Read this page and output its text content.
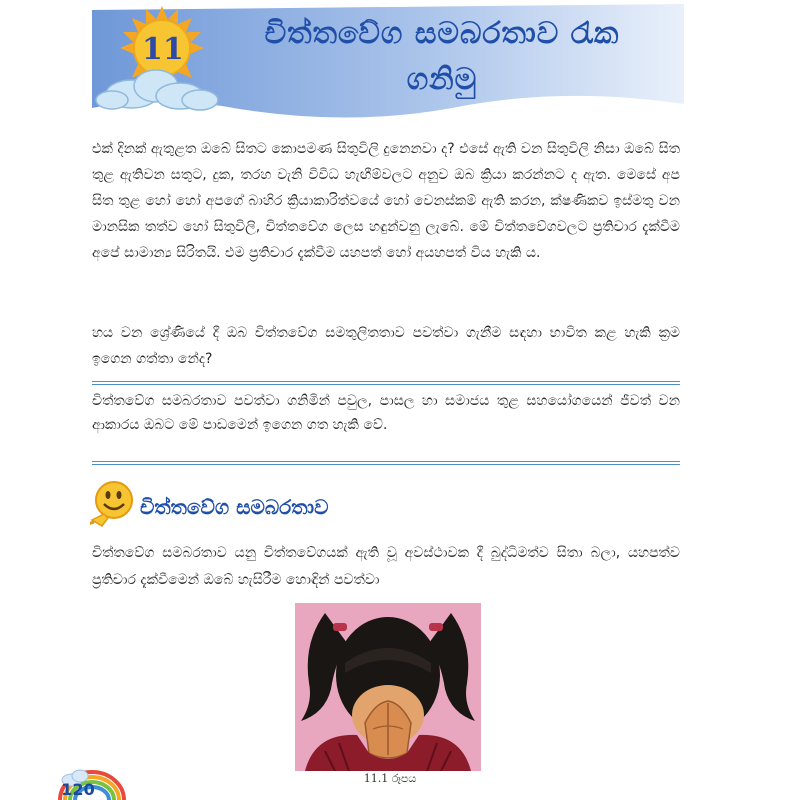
11	චිත්තවේග සමබරතාව රැක
ගනිමු

එක් දිනක් ඇතුළත ඔබේ සිතට කොපමණ සිතුවිලි දුනෙනවා ද? එසේ ඇති වන සිතුවිලි නිසා ඔබේ සිත තුළ ඇතිවන සතුට, දුක, තරහ වැනි විවිධ හැඟීම්වලට අනුව ඔබ ක්‍රියා කරන්නට ද ඇත. මෙසේ අප සිත තුළ හෝ හෝ අපගේ බාහිර ක්‍රියාකාරිත්වයේ හෝ වෙනස්කම් ඇති කරන, ක්ෂණිකව ඉස්මතු වන මානසික තත්ව හෝ සිතුවිලි, චිත්තවේග ලෙස හඳුන්වනු ලැබේ. මේ චිත්තවේගවලට ප්‍රතිචාර දැක්වීම අපේ සාමාන්‍ය සිරිතයි. එම ප්‍රතිචාර දැක්වීම යහපත් හෝ අයහපත් විය හැකි ය.

හය වන ශ්‍රේණියේ දී ඔබ චිත්තවේග සමතුලිතතාව පවත්වා ගැනීම සඳහා භාවිත කළ හැකි ක්‍රම ඉගෙන ගත්තා නේද?

චිත්තවේග සමබරතාව පවත්වා ගනිමින් පවුල, පාසල හා සමාජය තුළ සහයෝගයෙන් ජීවත් වන ආකාරය ඔබට මේ පාඩමෙන් ඉගෙන ගත හැකි වේ.

චිත්තවේග සමබරතාව

චිත්තවේග සමබරතාව යනු චිත්තවේගයක් ඇති වූ අවස්ථාවක දී බුද්ධිමත්ව සිතා බලා, යහපත්ව ප්‍රතිචාර දැක්වීමෙන් ඔබේ හැසිරීම හොඳින් පවත්වා

11.1 රූපය
120
